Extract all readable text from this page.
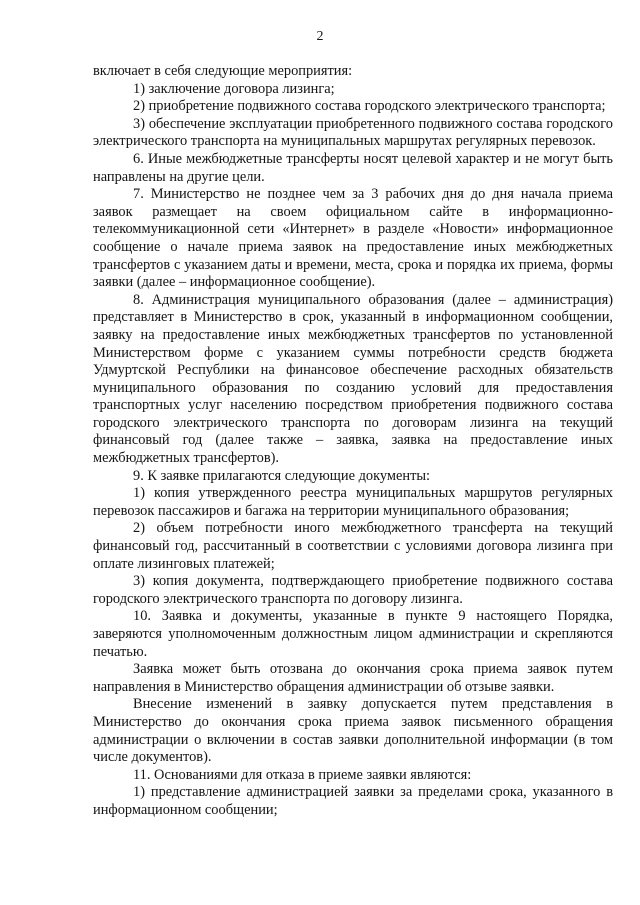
2

включает в себя следующие мероприятия:

1) заключение договора лизинга;

2) приобретение подвижного состава городского электрического транспорта;

3) обеспечение эксплуатации приобретенного подвижного состава городского электрического транспорта на муниципальных маршрутах регулярных перевозок.

6. Иные межбюджетные трансферты носят целевой характер и не могут быть направлены на другие цели.

7. Министерство не позднее чем за 3 рабочих дня до дня начала приема заявок размещает на своем официальном сайте в информационно-телекоммуникационной сети «Интернет» в разделе «Новости» информационное сообщение о начале приема заявок на предоставление иных межбюджетных трансфертов с указанием даты и времени, места, срока и порядка их приема, формы заявки (далее – информационное сообщение).

8. Администрация муниципального образования (далее – администрация) представляет в Министерство в срок, указанный в информационном сообщении, заявку на предоставление иных межбюджетных трансфертов по установленной Министерством форме с указанием суммы потребности средств бюджета Удмуртской Республики на финансовое обеспечение расходных обязательств муниципального образования по созданию условий для предоставления транспортных услуг населению посредством приобретения подвижного состава городского электрического транспорта по договорам лизинга на текущий финансовый год (далее также – заявка, заявка на предоставление иных межбюджетных трансфертов).

9. К заявке прилагаются следующие документы:

1) копия утвержденного реестра муниципальных маршрутов регулярных перевозок пассажиров и багажа на территории муниципального образования;

2) объем потребности иного межбюджетного трансферта на текущий финансовый год, рассчитанный в соответствии с условиями договора лизинга при оплате лизинговых платежей;

3) копия документа, подтверждающего приобретение подвижного состава городского электрического транспорта по договору лизинга.

10. Заявка и документы, указанные в пункте 9 настоящего Порядка, заверяются уполномоченным должностным лицом администрации и скрепляются печатью.

Заявка может быть отозвана до окончания срока приема заявок путем направления в Министерство обращения администрации об отзыве заявки.

Внесение изменений в заявку допускается путем представления в Министерство до окончания срока приема заявок письменного обращения администрации о включении в состав заявки дополнительной информации (в том числе документов).

11. Основаниями для отказа в приеме заявки являются:

1) представление администрацией заявки за пределами срока, указанного в информационном сообщении;
